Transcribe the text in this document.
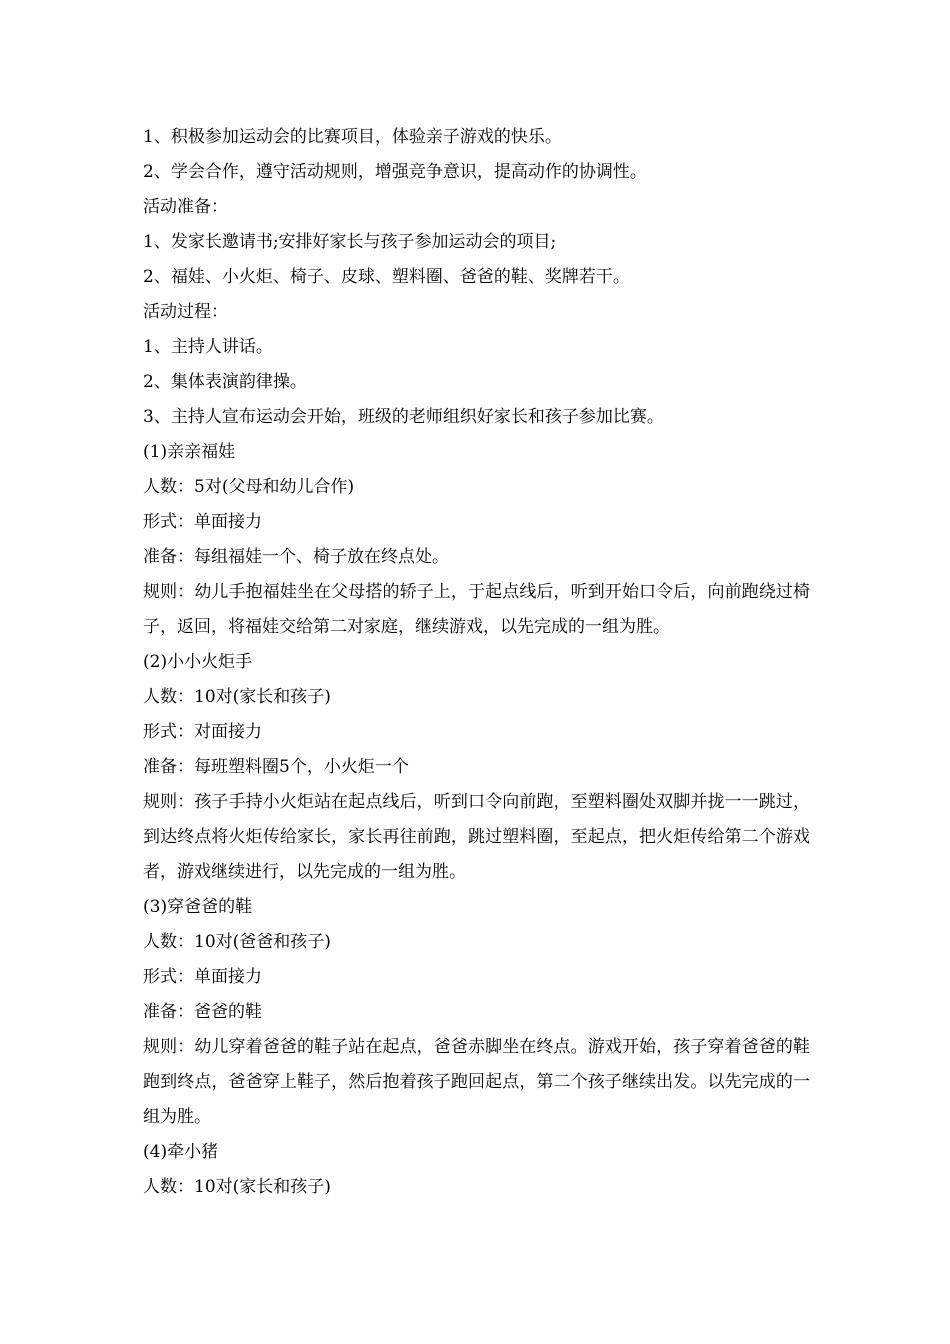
1、积极参加运动会的比赛项目，体验亲子游戏的快乐。
2、学会合作，遵守活动规则，增强竞争意识，提高动作的协调性。
活动准备：
1、发家长邀请书;安排好家长与孩子参加运动会的项目;
2、福娃、小火炬、椅子、皮球、塑料圈、爸爸的鞋、奖牌若干。
活动过程：
1、主持人讲话。
2、集体表演韵律操。
3、主持人宣布运动会开始，班级的老师组织好家长和孩子参加比赛。
(1)亲亲福娃
人数：5对(父母和幼儿合作)
形式：单面接力
准备：每组福娃一个、椅子放在终点处。
规则：幼儿手抱福娃坐在父母搭的轿子上，于起点线后，听到开始口令后，向前跑绕过椅子，返回，将福娃交给第二对家庭，继续游戏，以先完成的一组为胜。
(2)小小火炬手
人数：10对(家长和孩子)
形式：对面接力
准备：每班塑料圈5个，小火炬一个
规则：孩子手持小火炬站在起点线后，听到口令向前跑，至塑料圈处双脚并拢一一跳过，到达终点将火炬传给家长，家长再往前跑，跳过塑料圈，至起点，把火炬传给第二个游戏者，游戏继续进行，以先完成的一组为胜。
(3)穿爸爸的鞋
人数：10对(爸爸和孩子)
形式：单面接力
准备：爸爸的鞋
规则：幼儿穿着爸爸的鞋子站在起点，爸爸赤脚坐在终点。游戏开始，孩子穿着爸爸的鞋跑到终点，爸爸穿上鞋子，然后抱着孩子跑回起点，第二个孩子继续出发。以先完成的一组为胜。
(4)牵小猪
人数：10对(家长和孩子)
